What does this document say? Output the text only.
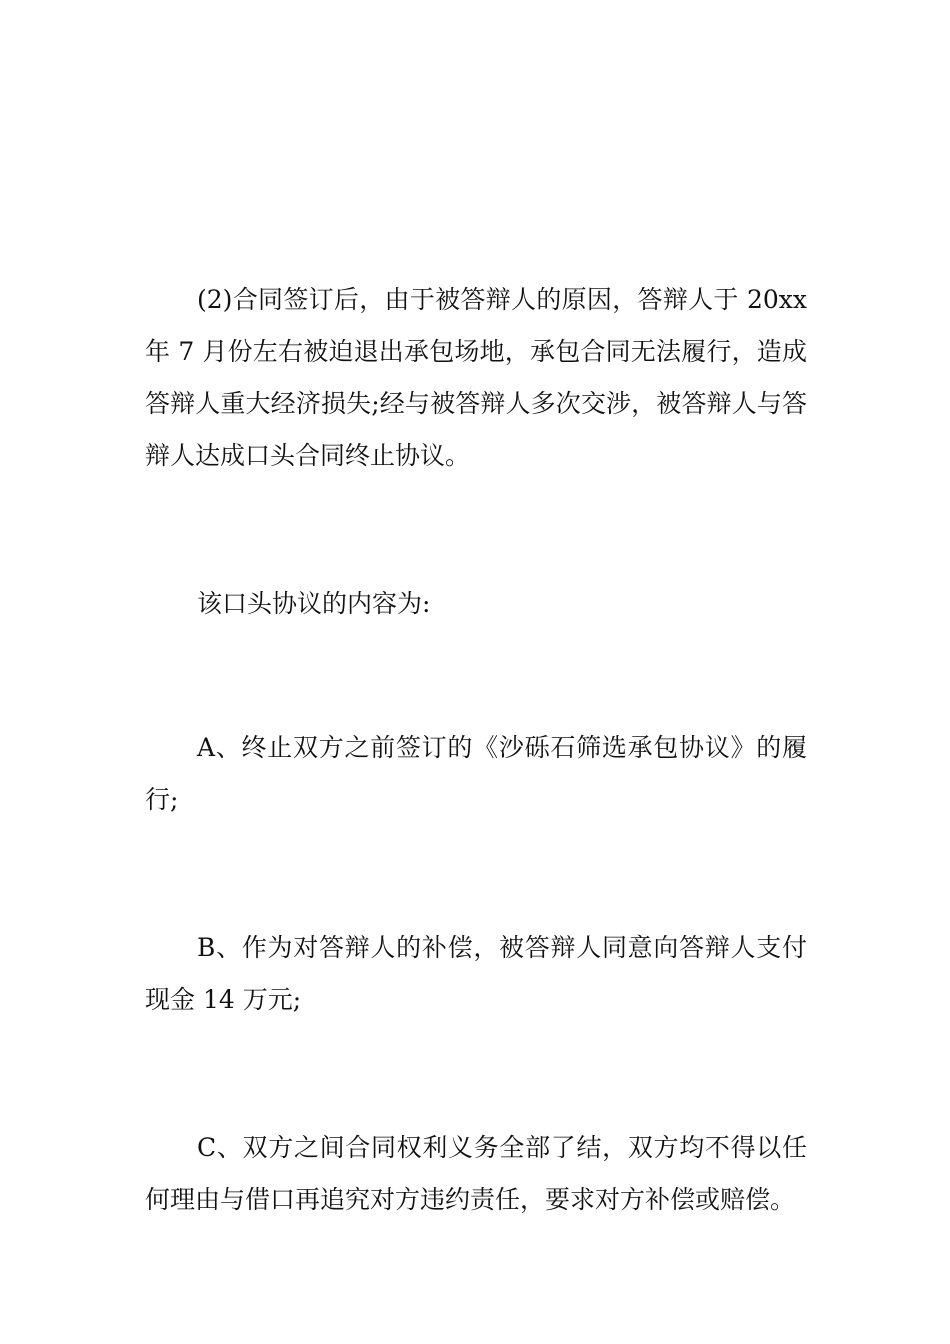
(2)合同签订后，由于被答辩人的原因，答辩人于 20xx 年 7 月份左右被迫退出承包场地，承包合同无法履行，造成答辩人重大经济损失;经与被答辩人多次交涉，被答辩人与答辩人达成口头合同终止协议。

该口头协议的内容为:

A、终止双方之前签订的《沙砾石筛选承包协议》的履行;

B、作为对答辩人的补偿，被答辩人同意向答辩人支付现金 14 万元;

C、双方之间合同权利义务全部了结，双方均不得以任何理由与借口再追究对方违约责任，要求对方补偿或赔偿。
